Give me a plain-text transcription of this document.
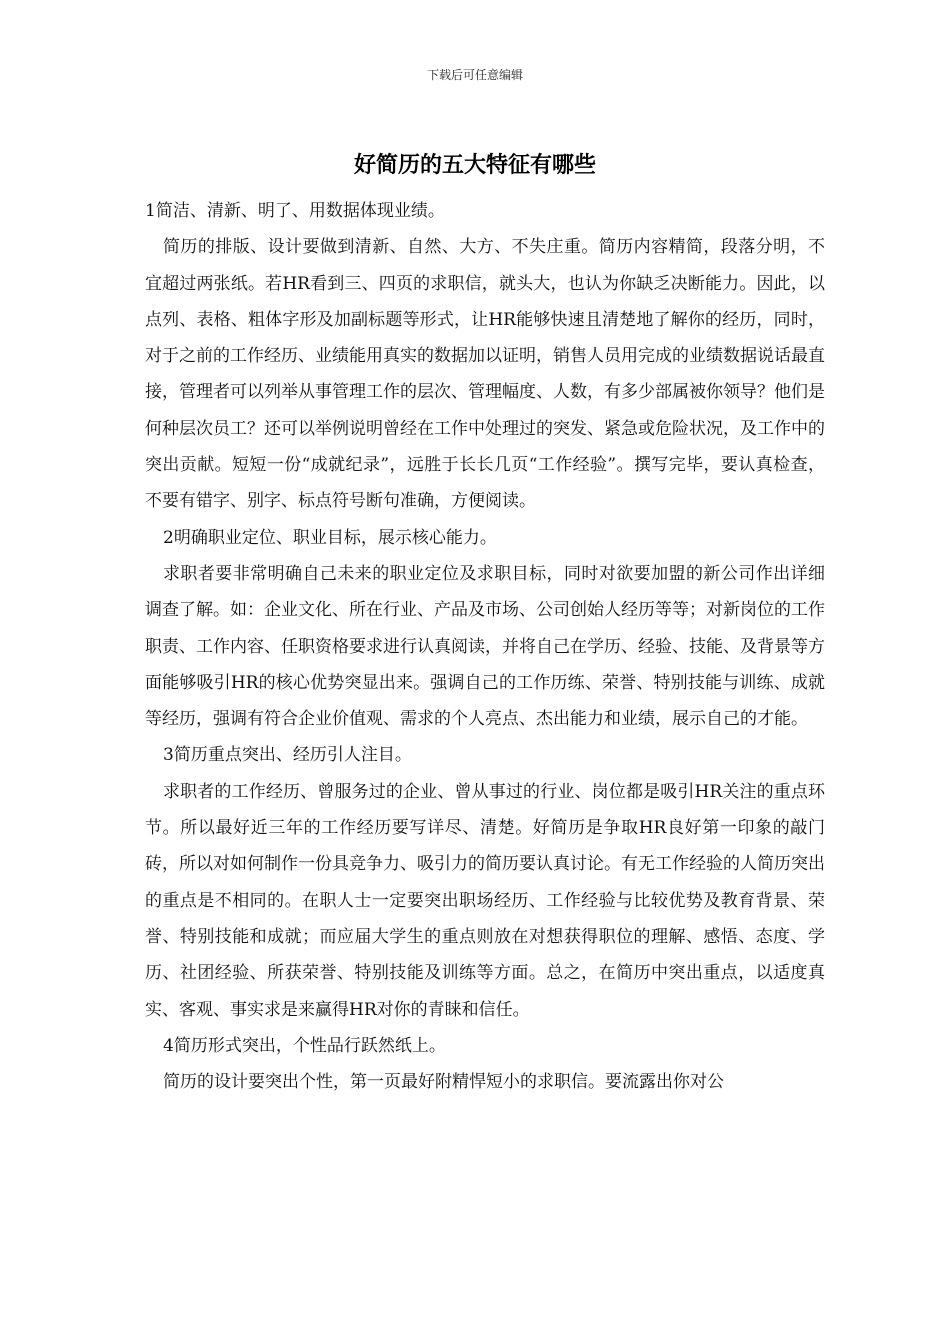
下载后可任意编辑
好简历的五大特征有哪些

1简洁、清新、明了、用数据体现业绩。

简历的排版、设计要做到清新、自然、大方、不失庄重。简历内容精简，段落分明，不宜超过两张纸。若HR看到三、四页的求职信，就头大，也认为你缺乏决断能力。因此，以点列、表格、粗体字形及加副标题等形式，让HR能够快速且清楚地了解你的经历，同时，对于之前的工作经历、业绩能用真实的数据加以证明，销售人员用完成的业绩数据说话最直接，管理者可以列举从事管理工作的层次、管理幅度、人数，有多少部属被你领导？他们是何种层次员工？还可以举例说明曾经在工作中处理过的突发、紧急或危险状况，及工作中的突出贡献。短短一份“成就纪录”，远胜于长长几页“工作经验”。撰写完毕，要认真检查，不要有错字、别字、标点符号断句准确，方便阅读。

2明确职业定位、职业目标，展示核心能力。

求职者要非常明确自己未来的职业定位及求职目标，同时对欲要加盟的新公司作出详细调查了解。如：企业文化、所在行业、产品及市场、公司创始人经历等等；对新岗位的工作职责、工作内容、任职资格要求进行认真阅读，并将自己在学历、经验、技能、及背景等方面能够吸引HR的核心优势突显出来。强调自己的工作历练、荣誉、特别技能与训练、成就等经历，强调有符合企业价值观、需求的个人亮点、杰出能力和业绩，展示自己的才能。

3简历重点突出、经历引人注目。

求职者的工作经历、曾服务过的企业、曾从事过的行业、岗位都是吸引HR关注的重点环节。所以最好近三年的工作经历要写详尽、清楚。好简历是争取HR良好第一印象的敲门砖，所以对如何制作一份具竞争力、吸引力的简历要认真讨论。有无工作经验的人简历突出的重点是不相同的。在职人士一定要突出职场经历、工作经验与比较优势及教育背景、荣誉、特别技能和成就；而应届大学生的重点则放在对想获得职位的理解、感悟、态度、学历、社团经验、所获荣誉、特别技能及训练等方面。总之，在简历中突出重点，以适度真实、客观、事实求是来赢得HR对你的青睐和信任。

4简历形式突出，个性品行跃然纸上。

简历的设计要突出个性，第一页最好附精悍短小的求职信。要流露出你对公
